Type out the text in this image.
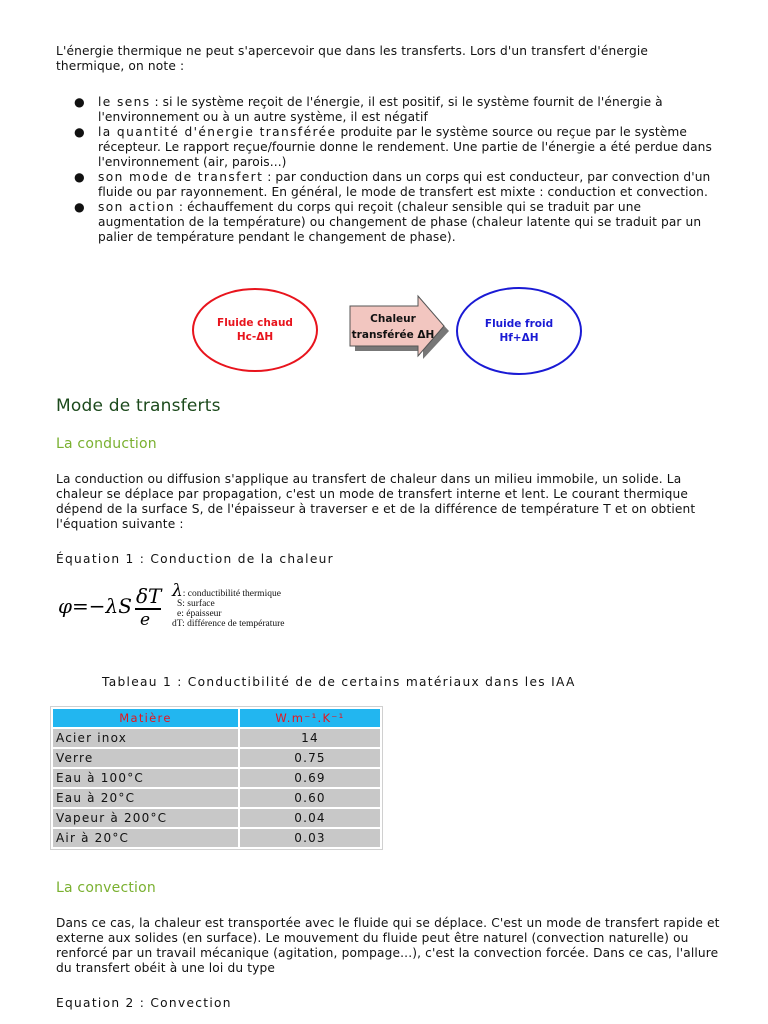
L'énergie thermique ne peut s'apercevoir que dans les transferts. Lors d'un transfert d'énergie thermique, on note :

● le sens : si le système reçoit de l'énergie, il est positif, si le système fournit de l'énergie à l'environnement ou à un autre système, il est négatif
● la quantité d'énergie transférée produite par le système source ou reçue par le système récepteur. Le rapport reçue/fournie donne le rendement. Une partie de l'énergie a été perdue dans l'environnement (air, parois...)
● son mode de transfert : par conduction dans un corps qui est conducteur, par convection d'un fluide ou par rayonnement. En général, le mode de transfert est mixte : conduction et convection.
● son action : échauffement du corps qui reçoit (chaleur sensible qui se traduit par une augmentation de la température) ou changement de phase (chaleur latente qui se traduit par un palier de température pendant le changement de phase).
Fluide chaud
Hc-ΔH
Chaleur
transférée ΔH
Fluide froid
Hf+ΔH
Mode de transferts
La conduction

La conduction ou diffusion s'applique au transfert de chaleur dans un milieu immobile, un solide. La chaleur se déplace par propagation, c'est un mode de transfert interne et lent. Le courant thermique dépend de la surface S, de l'épaisseur à traverser e et de la différence de température T et on obtient l'équation suivante :

Équation 1 : Conduction de la chaleur
φ=−λS δT
e
λ: conductibilité thermique
S: surface
e: épaisseur
dT: différence de température
Tableau 1 : Conductibilité de de certains matériaux dans les IAA
Matière	W.m⁻¹.K⁻¹
Acier inox	14
Verre	0.75
Eau à 100°C	0.69
Eau à 20°C	0.60
Vapeur à 200°C	0.04
Air à 20°C	0.03
La convection

Dans ce cas, la chaleur est transportée avec le fluide qui se déplace. C'est un mode de transfert rapide et externe aux solides (en surface). Le mouvement du fluide peut être naturel (convection naturelle) ou renforcé par un travail mécanique (agitation, pompage...), c'est la convection forcée. Dans ce cas, l'allure du transfert obéit à une loi du type

Equation 2 : Convection
